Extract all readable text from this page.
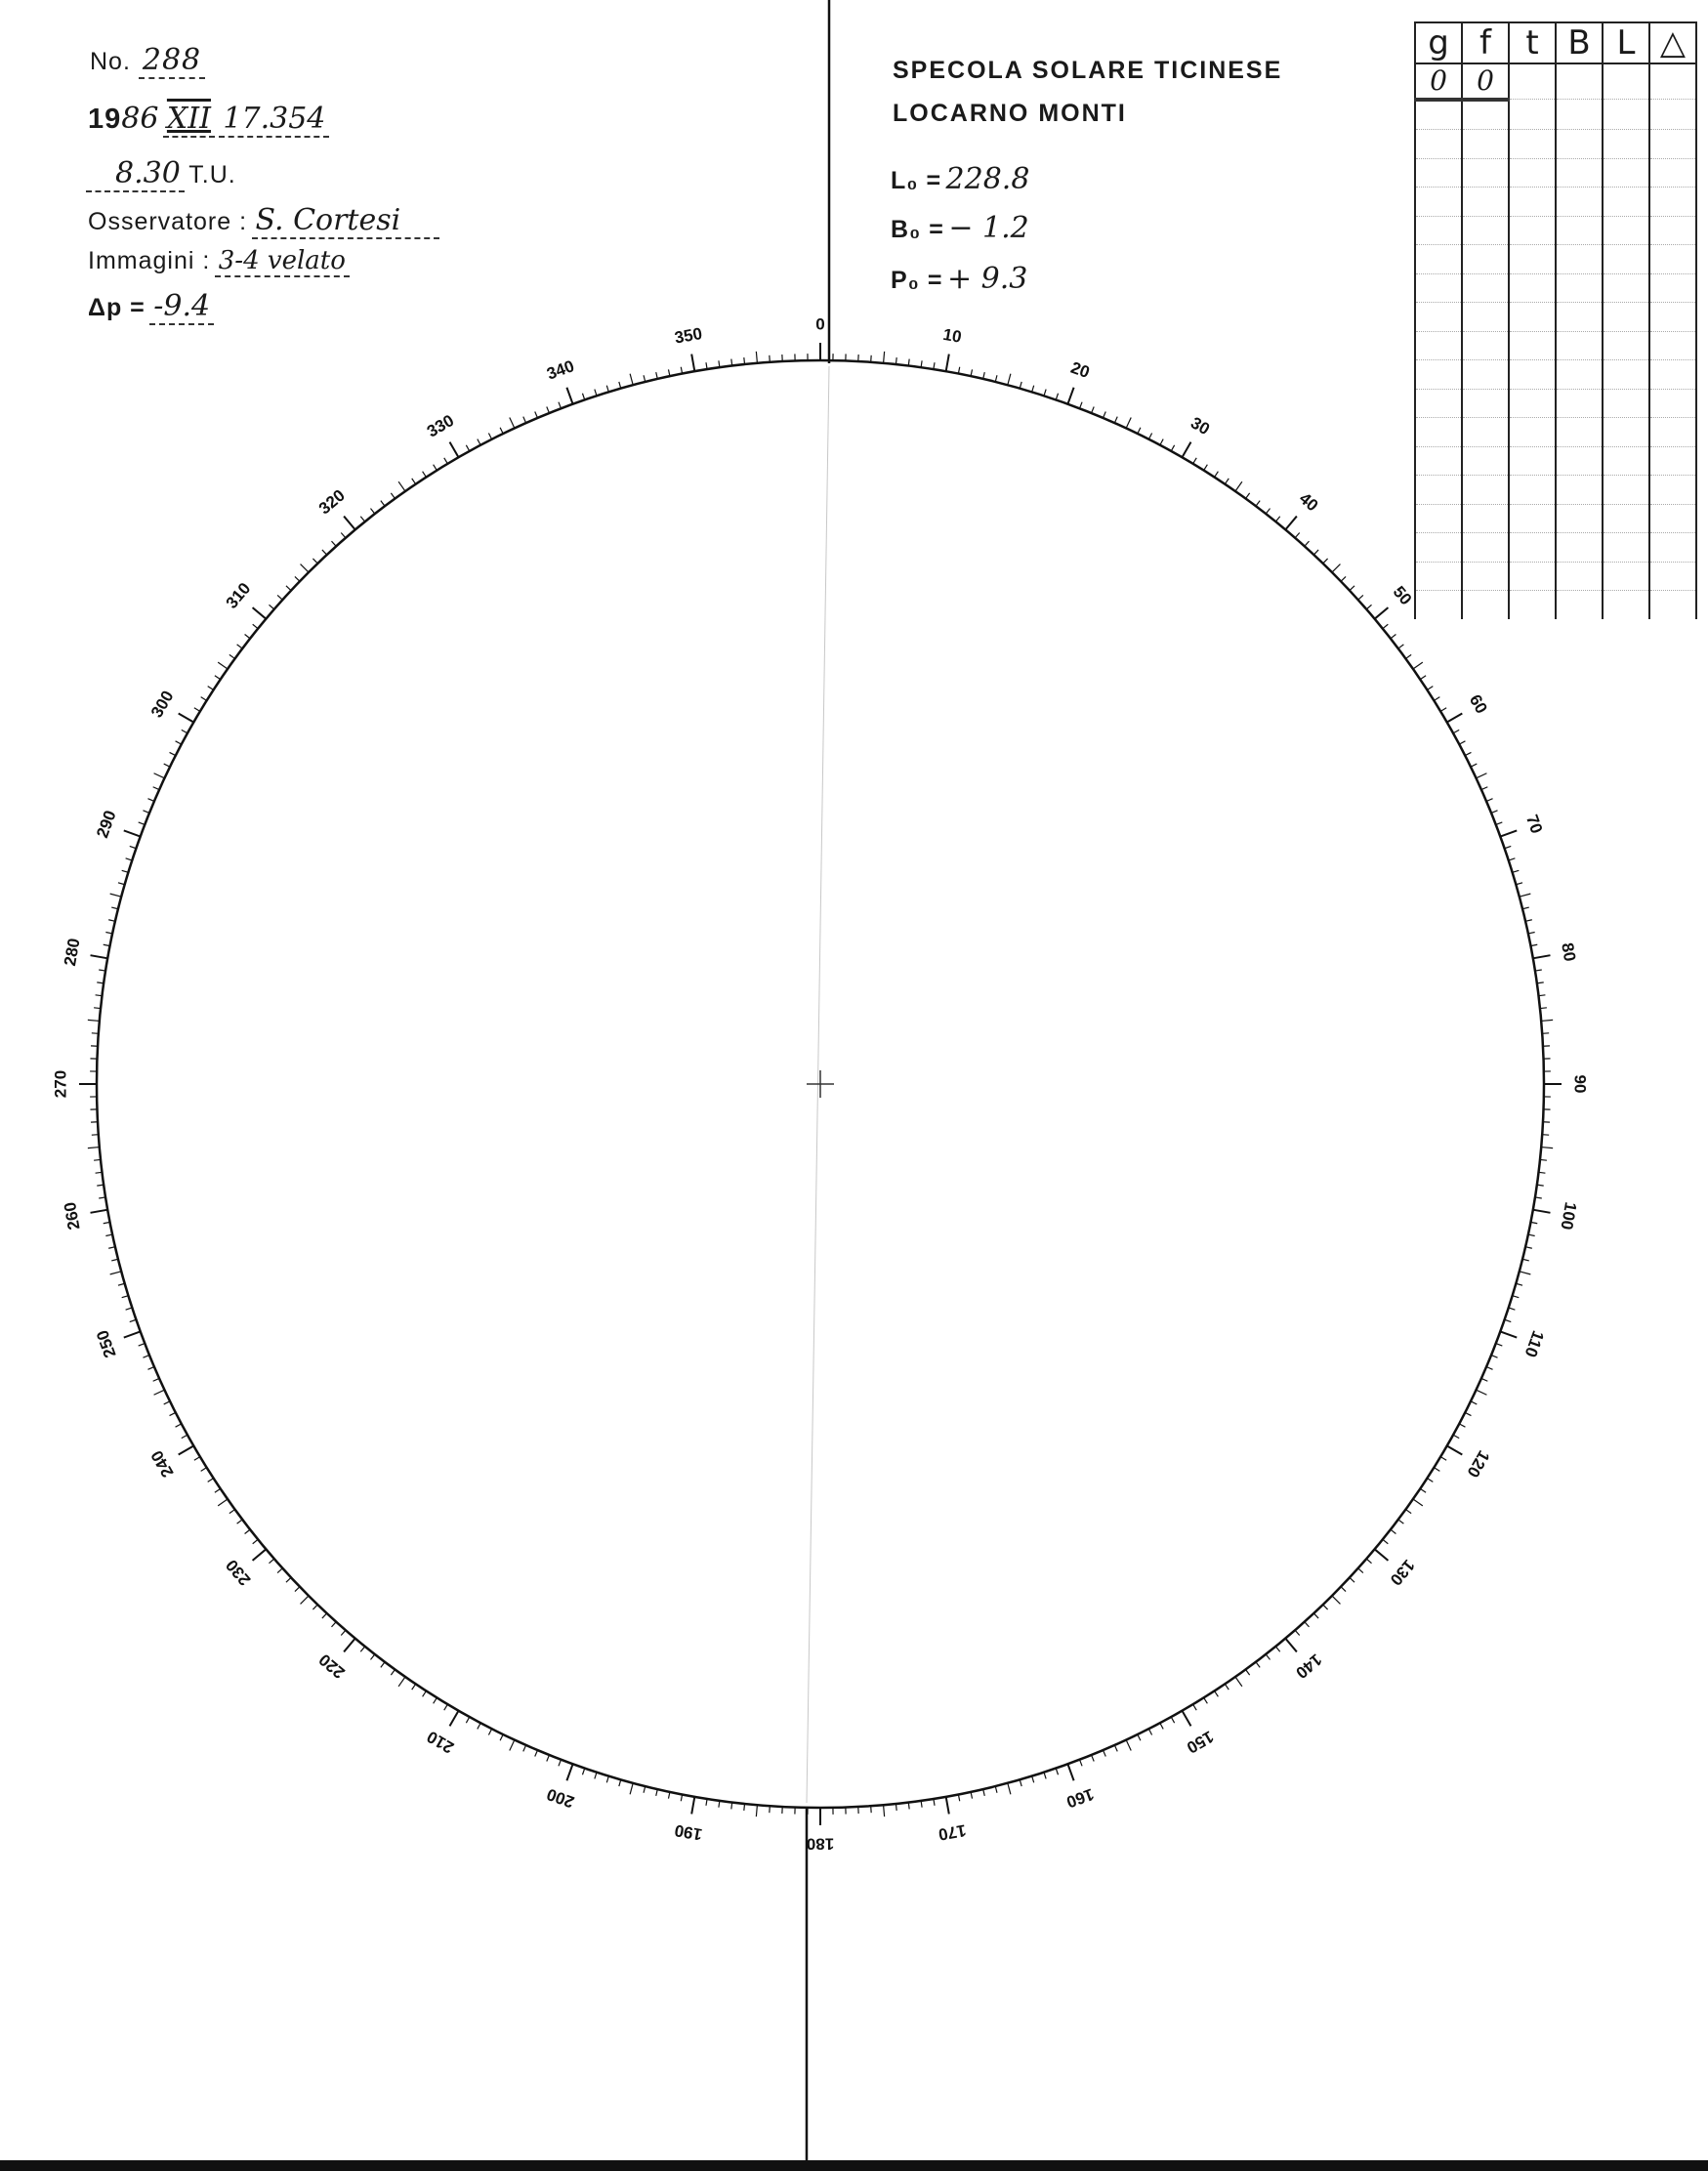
No. 288
1986 XII 17.354
8.30 T.U.
Osservatore : S. Cortesi
Immagini : 3-4 velato
Δp = -9.4
SPECOLA SOLARE TICINESE
LOCARNO MONTI
L₀ = 228.8
B₀ = − 1.2
P₀ = + 9.3
g	f	t	B	L	△
0	0				

0
10
20
30
40
50
60
70
80
90
100
110
120
130
140
150
160
170
180
190
200
210
220
230
240
250
260
270
280
290
300
310
320
330
340
350
